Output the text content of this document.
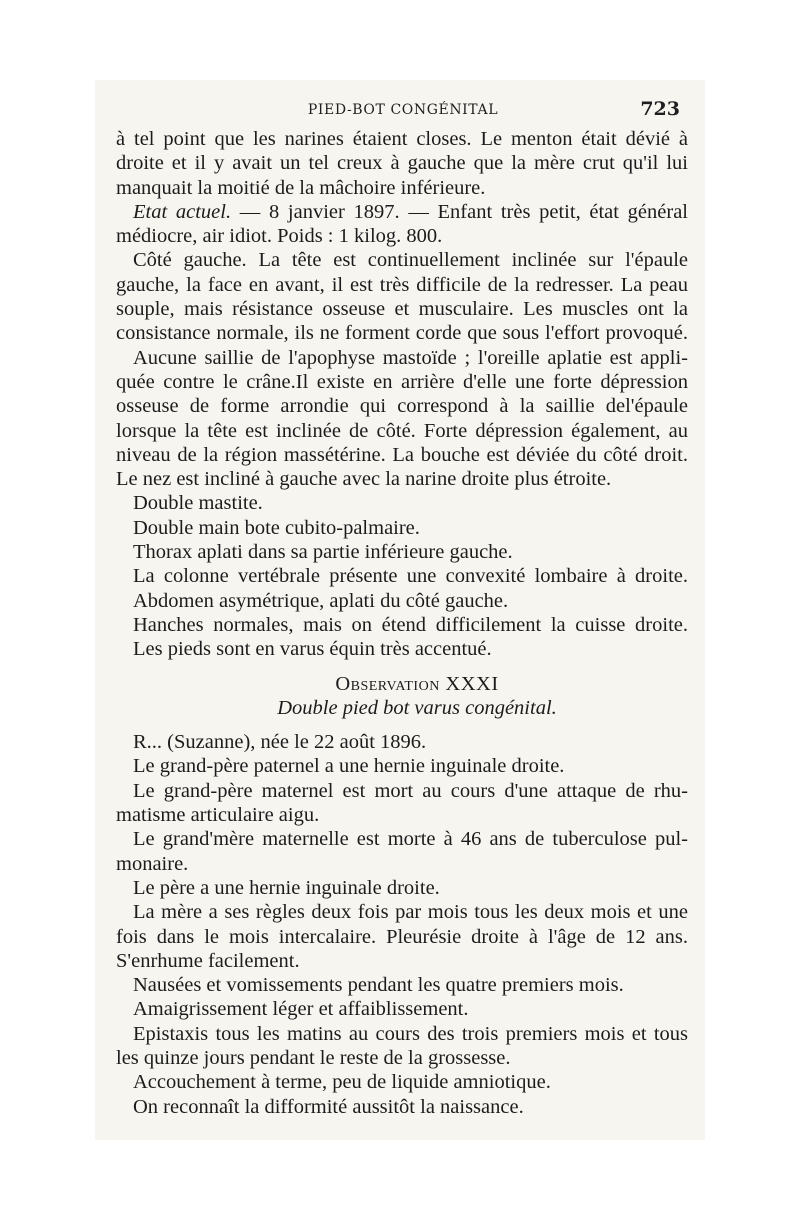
PIED-BOT CONGÉNITAL	723
à tel point que les narines étaient closes. Le menton était dévié à
droite et il y avait un tel creux à gauche que la mère crut qu'il lui
manquait la moitié de la mâchoire inférieure.
Etat actuel. — 8 janvier 1897. — Enfant très petit, état général
médiocre, air idiot. Poids : 1 kilog. 800.
Côté gauche. La tête est continuellement inclinée sur l'épaule
gauche, la face en avant, il est très difficile de la redresser. La peau
souple, mais résistance osseuse et musculaire. Les muscles ont la
consistance normale, ils ne forment corde que sous l'effort provoqué.
Aucune saillie de l'apophyse mastoïde ; l'oreille aplatie est appli-
quée contre le crâne.Il existe en arrière d'elle une forte dépression
osseuse de forme arrondie qui correspond à la saillie del'épaule
lorsque la tête est inclinée de côté. Forte dépression également, au
niveau de la région massétérine. La bouche est déviée du côté droit.
Le nez est incliné à gauche avec la narine droite plus étroite.
Double mastite.
Double main bote cubito-palmaire.
Thorax aplati dans sa partie inférieure gauche.
La colonne vertébrale présente une convexité lombaire à droite.
Abdomen asymétrique, aplati du côté gauche.
Hanches normales, mais on étend difficilement la cuisse droite.
Les pieds sont en varus équin très accentué.
Observation XXXI
Double pied bot varus congénital.
R... (Suzanne), née le 22 août 1896.
Le grand-père paternel a une hernie inguinale droite.
Le grand-père maternel est mort au cours d'une attaque de rhu-
matisme articulaire aigu.
Le grand'mère maternelle est morte à 46 ans de tuberculose pul-
monaire.
Le père a une hernie inguinale droite.
La mère a ses règles deux fois par mois tous les deux mois et une
fois dans le mois intercalaire. Pleurésie droite à l'âge de 12 ans.
S'enrhume facilement.
Nausées et vomissements pendant les quatre premiers mois.
Amaigrissement léger et affaiblissement.
Epistaxis tous les matins au cours des trois premiers mois et tous
les quinze jours pendant le reste de la grossesse.
Accouchement à terme, peu de liquide amniotique.
On reconnaît la difformité aussitôt la naissance.
